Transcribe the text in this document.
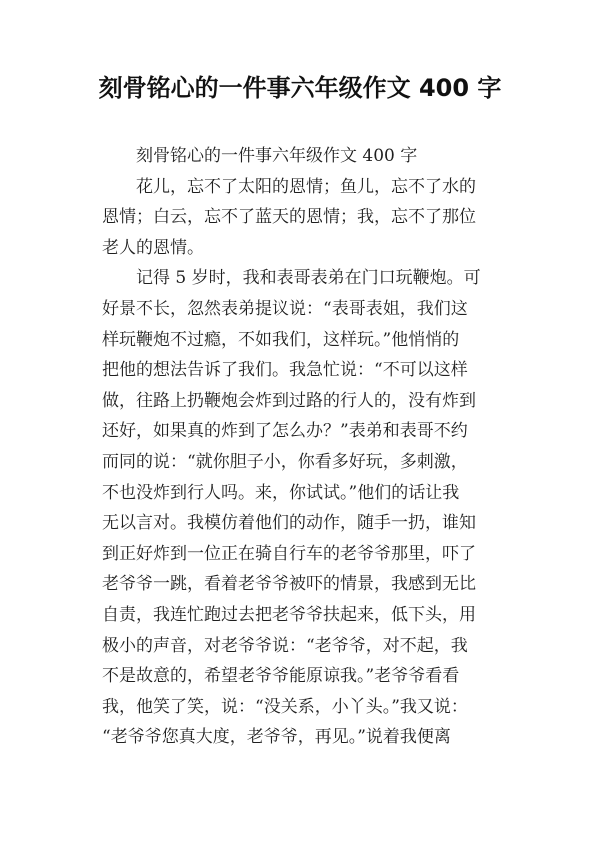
刻骨铭心的一件事六年级作文 400 字
刻骨铭心的一件事六年级作文 400 字
花儿，忘不了太阳的恩情；鱼儿，忘不了水的
恩情；白云，忘不了蓝天的恩情；我，忘不了那位
老人的恩情。
记得 5 岁时，我和表哥表弟在门口玩鞭炮。可
好景不长，忽然表弟提议说：“表哥表姐，我们这
样玩鞭炮不过瘾，不如我们，这样玩。”他悄悄的
把他的想法告诉了我们。我急忙说：“不可以这样
做，往路上扔鞭炮会炸到过路的行人的，没有炸到
还好，如果真的炸到了怎么办？”表弟和表哥不约
而同的说：“就你胆子小，你看多好玩，多刺激，
不也没炸到行人吗。来，你试试。”他们的话让我
无以言对。我模仿着他们的动作，随手一扔，谁知
到正好炸到一位正在骑自行车的老爷爷那里，吓了
老爷爷一跳，看着老爷爷被吓的情景，我感到无比
自责，我连忙跑过去把老爷爷扶起来，低下头，用
极小的声音，对老爷爷说：“老爷爷，对不起，我
不是故意的，希望老爷爷能原谅我。”老爷爷看看
我，他笑了笑，说：“没关系，小丫头。”我又说：
“老爷爷您真大度，老爷爷，再见。”说着我便离
